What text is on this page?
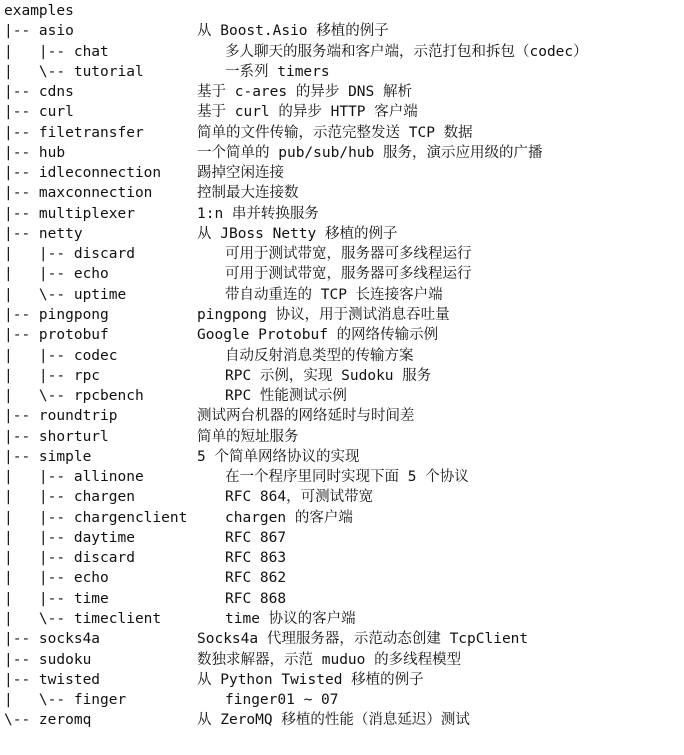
examples

|-- asio	从 Boost.Asio 移植的例子
|   |-- chat	多人聊天的服务端和客户端，示范打包和拆包（codec）
|   \-- tutorial	一系列 timers
|-- cdns	基于 c-ares 的异步 DNS 解析
|-- curl	基于 curl 的异步 HTTP 客户端
|-- filetransfer	简单的文件传输，示范完整发送 TCP 数据
|-- hub	一个简单的 pub/sub/hub 服务，演示应用级的广播
|-- idleconnection 踢掉空闲连接
|-- maxconnection	控制最大连接数
|-- multiplexer	1:n 串并转换服务
|-- netty	从 JBoss Netty 移植的例子
|   |-- discard	可用于测试带宽，服务器可多线程运行
|   |-- echo	可用于测试带宽，服务器可多线程运行
|   \-- uptime	带自动重连的 TCP 长连接客户端
|-- pingpong	pingpong 协议，用于测试消息吞吐量
|-- protobuf	Google Protobuf 的网络传输示例
|   |-- codec	自动反射消息类型的传输方案
|   |-- rpc	RPC 示例，实现 Sudoku 服务
|   \-- rpcbench	RPC 性能测试示例
|-- roundtrip	测试两台机器的网络延时与时间差
|-- shorturl	简单的短址服务
|-- simple	5 个简单网络协议的实现
|   |-- allinone	在一个程序里同时实现下面 5 个协议
|   |-- chargen	RFC 864，可测试带宽
|   |-- chargenclient	chargen 的客户端
|   |-- daytime	RFC 867
|   |-- discard	RFC 863
|   |-- echo	RFC 862
|   |-- time	RFC 868
|   \-- timeclient	time 协议的客户端
|-- socks4a	Socks4a 代理服务器，示范动态创建 TcpClient
|-- sudoku	数独求解器，示范 muduo 的多线程模型
|-- twisted	从 Python Twisted 移植的例子
|   \-- finger	finger01 ~ 07
\-- zeromq	从 ZeroMQ 移植的性能（消息延迟）测试
